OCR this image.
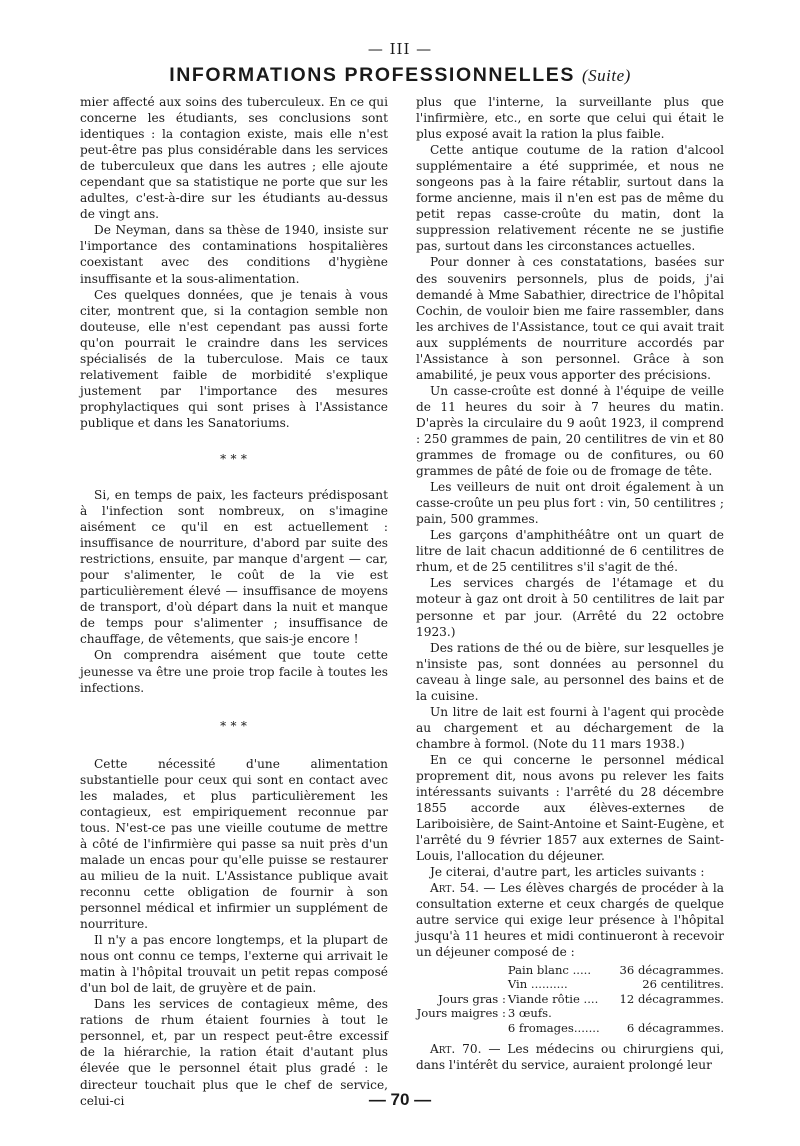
— III —
INFORMATIONS PROFESSIONNELLES (Suite)

mier affecté aux soins des tuberculeux. En ce qui concerne les étudiants, ses conclusions sont identiques : la contagion existe, mais elle n'est peut-être pas plus considérable dans les services de tuberculeux que dans les autres ; elle ajoute cependant que sa statistique ne porte que sur les adultes, c'est-à-dire sur les étudiants au-dessus de vingt ans.

De Neyman, dans sa thèse de 1940, insiste sur l'importance des contaminations hospitalières coexistant avec des conditions d'hygiène insuffisante et la sous-alimentation.

Ces quelques données, que je tenais à vous citer, montrent que, si la contagion semble non douteuse, elle n'est cependant pas aussi forte qu'on pourrait le craindre dans les services spécialisés de la tuberculose. Mais ce taux relativement faible de morbidité s'explique justement par l'importance des mesures prophylactiques qui sont prises à l'Assistance publique et dans les Sanatoriums.

* * *

Si, en temps de paix, les facteurs prédisposant à l'infection sont nombreux, on s'imagine aisément ce qu'il en est actuellement : insuffisance de nourriture, d'abord par suite des restrictions, ensuite, par manque d'argent — car, pour s'alimenter, le coût de la vie est particulièrement élevé — insuffisance de moyens de transport, d'où départ dans la nuit et manque de temps pour s'alimenter ; insuffisance de chauffage, de vêtements, que sais-je encore !

On comprendra aisément que toute cette jeunesse va être une proie trop facile à toutes les infections.

* * *

Cette nécessité d'une alimentation substantielle pour ceux qui sont en contact avec les malades, et plus particulièrement les contagieux, est empiriquement reconnue par tous. N'est-ce pas une vieille coutume de mettre à côté de l'infirmière qui passe sa nuit près d'un malade un encas pour qu'elle puisse se restaurer au milieu de la nuit. L'Assistance publique avait reconnu cette obligation de fournir à son personnel médical et infirmier un supplément de nourriture.

Il n'y a pas encore longtemps, et la plupart de nous ont connu ce temps, l'externe qui arrivait le matin à l'hôpital trouvait un petit repas composé d'un bol de lait, de gruyère et de pain.

Dans les services de contagieux même, des rations de rhum étaient fournies à tout le personnel, et, par un respect peut-être excessif de la hiérarchie, la ration était d'autant plus élevée que le personnel était plus gradé : le directeur touchait plus que le chef de service, celui-ci

plus que l'interne, la surveillante plus que l'infirmière, etc., en sorte que celui qui était le plus exposé avait la ration la plus faible.

Cette antique coutume de la ration d'alcool supplémentaire a été supprimée, et nous ne songeons pas à la faire rétablir, surtout dans la forme ancienne, mais il n'en est pas de même du petit repas casse-croûte du matin, dont la suppression relativement récente ne se justifie pas, surtout dans les circonstances actuelles.

Pour donner à ces constatations, basées sur des souvenirs personnels, plus de poids, j'ai demandé à Mme Sabathier, directrice de l'hôpital Cochin, de vouloir bien me faire rassembler, dans les archives de l'Assistance, tout ce qui avait trait aux suppléments de nourriture accordés par l'Assistance à son personnel. Grâce à son amabilité, je peux vous apporter des précisions.

Un casse-croûte est donné à l'équipe de veille de 11 heures du soir à 7 heures du matin. D'après la circulaire du 9 août 1923, il comprend : 250 grammes de pain, 20 centilitres de vin et 80 grammes de fromage ou de confitures, ou 60 grammes de pâté de foie ou de fromage de tête.

Les veilleurs de nuit ont droit également à un casse-croûte un peu plus fort : vin, 50 centilitres ; pain, 500 grammes.

Les garçons d'amphithéâtre ont un quart de litre de lait chacun additionné de 6 centilitres de rhum, et de 25 centilitres s'il s'agit de thé.

Les services chargés de l'étamage et du moteur à gaz ont droit à 50 centilitres de lait par personne et par jour. (Arrêté du 22 octobre 1923.)

Des rations de thé ou de bière, sur lesquelles je n'insiste pas, sont données au personnel du caveau à linge sale, au personnel des bains et de la cuisine.

Un litre de lait est fourni à l'agent qui procède au chargement et au déchargement de la chambre à formol. (Note du 11 mars 1938.)

En ce qui concerne le personnel médical proprement dit, nous avons pu relever les faits intéressants suivants : l'arrêté du 28 décembre 1855 accorde aux élèves-externes de Lariboisière, de Saint-Antoine et Saint-Eugène, et l'arrêté du 9 février 1857 aux externes de Saint-Louis, l'allocation du déjeuner.

Je citerai, d'autre part, les articles suivants :

Art. 54. — Les élèves chargés de procéder à la consultation externe et ceux chargés de quelque autre service qui exige leur présence à l'hôpital jusqu'à 11 heures et midi continueront à recevoir un déjeuner composé de :

	Pain blanc .....	36 décagrammes.
	Vin ..........	26 centilitres.
Jours gras :	Viande rôtie ....	12 décagrammes.
Jours maigres :	3 œufs.	
	6 fromages.......	6 décagrammes.

Art. 70. — Les médecins ou chirurgiens qui, dans l'intérêt du service, auraient prolongé leur

— 70 —
